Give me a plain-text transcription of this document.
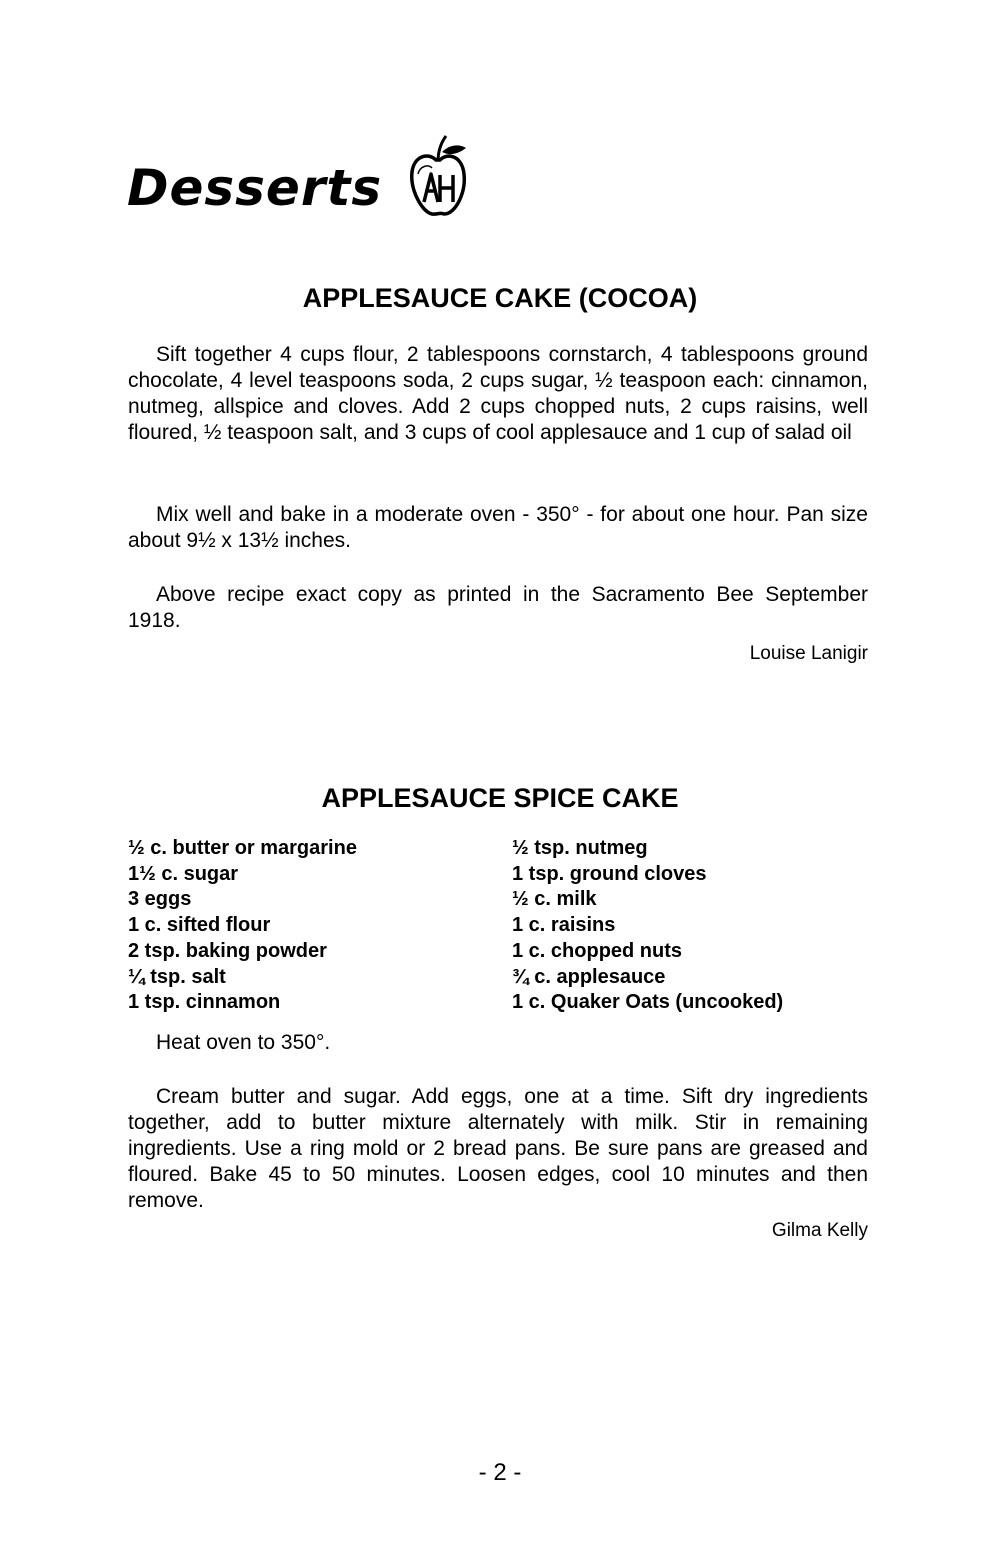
Desserts
APPLESAUCE CAKE (COCOA)
Sift together 4 cups flour, 2 tablespoons cornstarch, 4 tablespoons ground chocolate, 4 level teaspoons soda, 2 cups sugar, ½ teaspoon each: cinnamon, nutmeg, allspice and cloves. Add 2 cups chopped nuts, 2 cups raisins, well floured, ½ teaspoon salt, and 3 cups of cool applesauce and 1 cup of salad oil
Mix well and bake in a moderate oven - 350° - for about one hour. Pan size about 9½ x 13½ inches.
Above recipe exact copy as printed in the Sacramento Bee September 1918.
Louise Lanigir
APPLESAUCE SPICE CAKE
½ c. butter or margarine
1½ c. sugar
3 eggs
1 c. sifted flour
2 tsp. baking powder
¼ tsp. salt
1 tsp. cinnamon
½ tsp. nutmeg
1 tsp. ground cloves
½ c. milk
1 c. raisins
1 c. chopped nuts
¾ c. applesauce
1 c. Quaker Oats (uncooked)
Heat oven to 350°.
Cream butter and sugar. Add eggs, one at a time. Sift dry ingredients together, add to butter mixture alternately with milk. Stir in remaining ingredients. Use a ring mold or 2 bread pans. Be sure pans are greased and floured. Bake 45 to 50 minutes. Loosen edges, cool 10 minutes and then remove.
Gilma Kelly
- 2 -
